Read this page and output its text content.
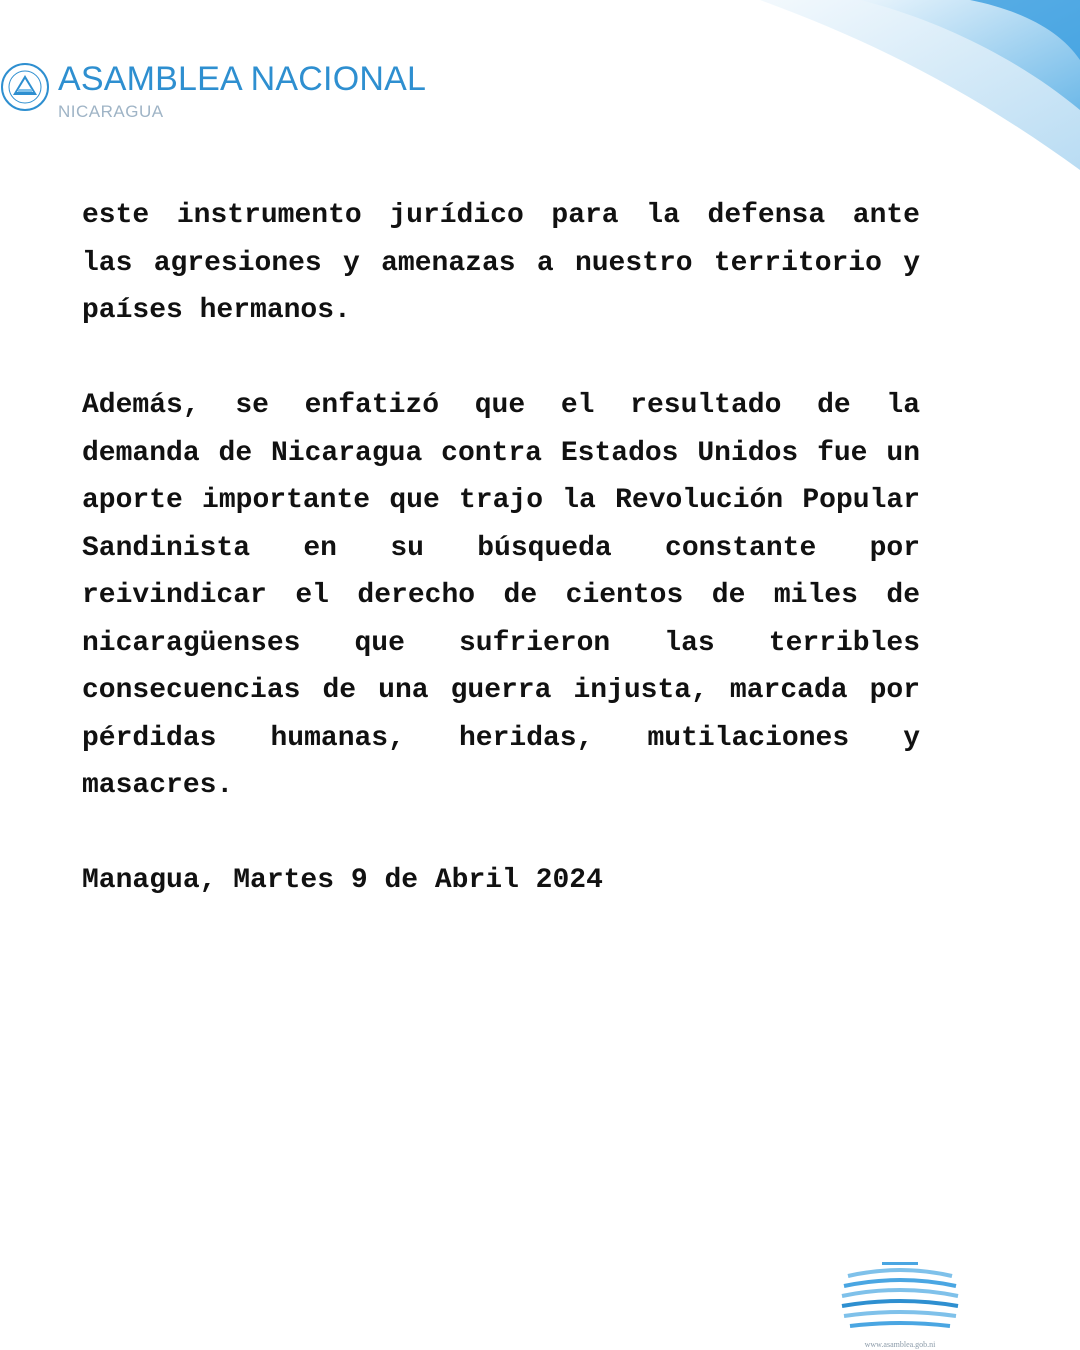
ASAMBLEA NACIONAL
NICARAGUA

este instrumento jurídico para la defensa ante las agresiones y amenazas a nuestro territorio y países hermanos.

Además, se enfatizó que el resultado de la demanda de Nicaragua contra Estados Unidos fue un aporte importante que trajo la Revolución Popular Sandinista en su búsqueda constante por reivindicar el derecho de cientos de miles de nicaragüenses que sufrieron las terribles consecuencias de una guerra injusta, marcada por pérdidas humanas, heridas, mutilaciones y masacres.

Managua, Martes 9 de Abril 2024

www.asamblea.gob.ni
